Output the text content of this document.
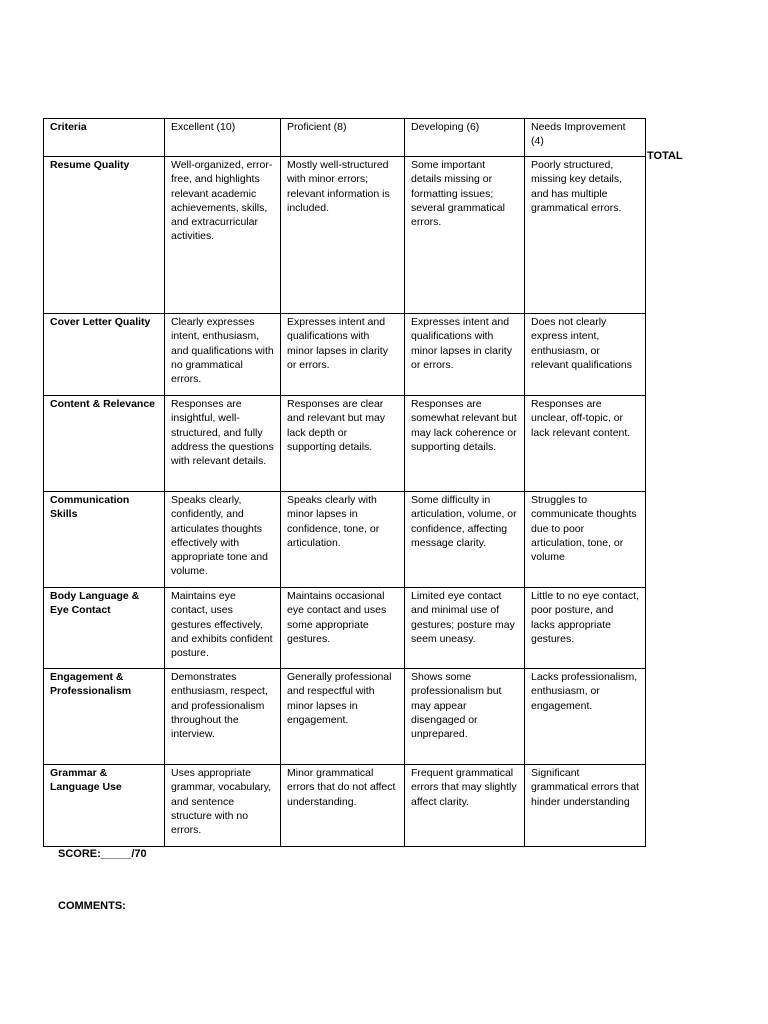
Criteria	Excellent (10)	Proficient (8)	Developing (6)	Needs Improvement (4)
Resume Quality	Well-organized, error-free, and highlights relevant academic achievements, skills, and extracurricular activities.	Mostly well-structured with minor errors; relevant information is included.	Some important details missing or formatting issues; several grammatical errors.	Poorly structured, missing key details, and has multiple grammatical errors.
Cover Letter Quality	Clearly expresses intent, enthusiasm, and qualifications with no grammatical errors.	Expresses intent and qualifications with minor lapses in clarity or errors.	Expresses intent and qualifications with minor lapses in clarity or errors.	Does not clearly express intent, enthusiasm, or relevant qualifications
Content & Relevance	Responses are insightful, well-structured, and fully address the questions with relevant details.	Responses are clear and relevant but may lack depth or supporting details.	Responses are somewhat relevant but may lack coherence or supporting details.	Responses are unclear, off-topic, or lack relevant content.
Communication Skills	Speaks clearly, confidently, and articulates thoughts effectively with appropriate tone and volume.	Speaks clearly with minor lapses in confidence, tone, or articulation.	Some difficulty in articulation, volume, or confidence, affecting message clarity.	Struggles to communicate thoughts due to poor articulation, tone, or volume
Body Language & Eye Contact	Maintains eye contact, uses gestures effectively, and exhibits confident posture.	Maintains occasional eye contact and uses some appropriate gestures.	Limited eye contact and minimal use of gestures; posture may seem uneasy.	Little to no eye contact, poor posture, and lacks appropriate gestures.
Engagement & Professionalism	Demonstrates enthusiasm, respect, and professionalism throughout the interview.	Generally professional and respectful with minor lapses in engagement.	Shows some professionalism but may appear disengaged or unprepared.	Lacks professionalism, enthusiasm, or engagement.
Grammar & Language Use	Uses appropriate grammar, vocabulary, and sentence structure with no errors.	Minor grammatical errors that do not affect understanding.	Frequent grammatical errors that may slightly affect clarity.	Significant grammatical errors that hinder understanding
TOTAL
SCORE:_____/70
COMMENTS:
